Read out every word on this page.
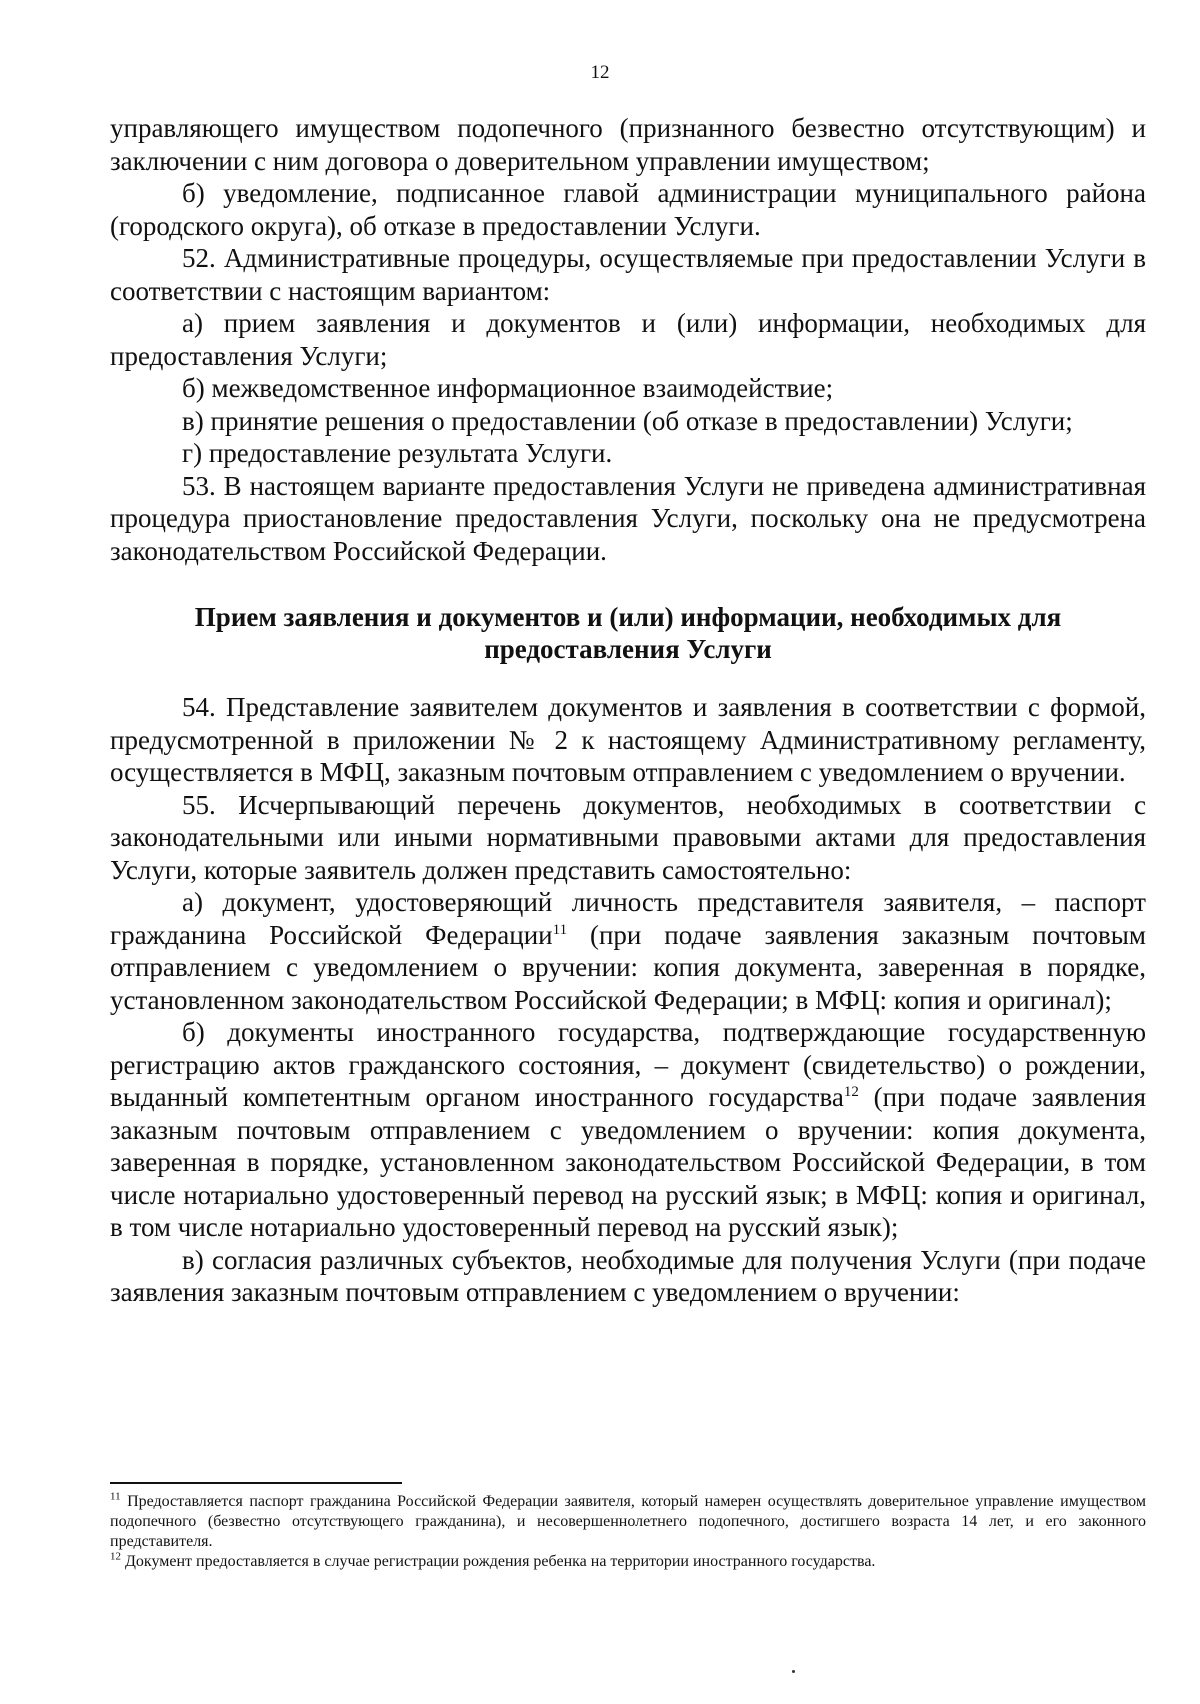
12

управляющего имуществом подопечного (признанного безвестно отсутствующим) и заключении с ним договора о доверительном управлении имуществом;

б) уведомление, подписанное главой администрации муниципального района (городского округа), об отказе в предоставлении Услуги.

52. Административные процедуры, осуществляемые при предоставлении Услуги в соответствии с настоящим вариантом:

а) прием заявления и документов и (или) информации, необходимых для предоставления Услуги;

б) межведомственное информационное взаимодействие;

в) принятие решения о предоставлении (об отказе в предоставлении) Услуги;

г) предоставление результата Услуги.

53. В настоящем варианте предоставления Услуги не приведена административная процедура приостановление предоставления Услуги, поскольку она не предусмотрена законодательством Российской Федерации.

Прием заявления и документов и (или) информации, необходимых для предоставления Услуги

54. Представление заявителем документов и заявления в соответствии с формой, предусмотренной в приложении № 2 к настоящему Административному регламенту, осуществляется в МФЦ, заказным почтовым отправлением с уведомлением о вручении.

55. Исчерпывающий перечень документов, необходимых в соответствии с законодательными или иными нормативными правовыми актами для предоставления Услуги, которые заявитель должен представить самостоятельно:

а) документ, удостоверяющий личность представителя заявителя, – паспорт гражданина Российской Федерации$^{11}$ (при подаче заявления заказным почтовым отправлением с уведомлением о вручении: копия документа, заверенная в порядке, установленном законодательством Российской Федерации; в МФЦ: копия и оригинал);

б) документы иностранного государства, подтверждающие государственную регистрацию актов гражданского состояния, – документ (свидетельство) о рождении, выданный компетентным органом иностранного государства$^{12}$ (при подаче заявления заказным почтовым отправлением с уведомлением о вручении: копия документа, заверенная в порядке, установленном законодательством Российской Федерации, в том числе нотариально удостоверенный перевод на русский язык; в МФЦ: копия и оригинал, в том числе нотариально удостоверенный перевод на русский язык);

в) согласия различных субъектов, необходимые для получения Услуги (при подаче заявления заказным почтовым отправлением с уведомлением о вручении:

$^{11}$ Предоставляется паспорт гражданина Российской Федерации заявителя, который намерен осуществлять доверительное управление имуществом подопечного (безвестно отсутствующего гражданина), и несовершеннолетнего подопечного, достигшего возраста 14 лет, и его законного представителя.

$^{12}$ Документ предоставляется в случае регистрации рождения ребенка на территории иностранного государства.
